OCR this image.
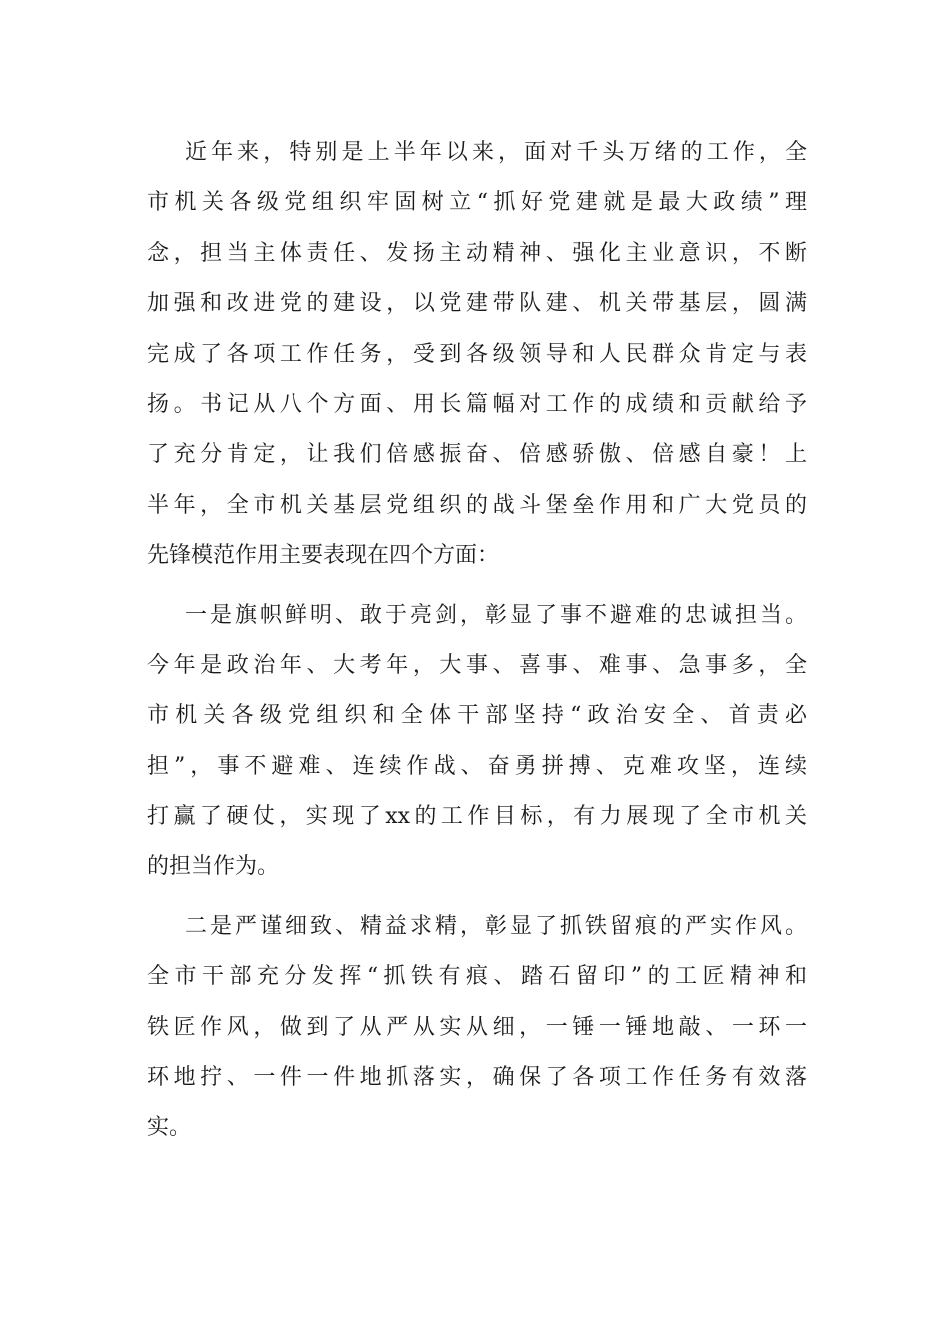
近年来，特别是上半年以来，面对千头万绪的工作，全
市机关各级党组织牢固树立“抓好党建就是最大政绩”理
念，担当主体责任、发扬主动精神、强化主业意识，不断
加强和改进党的建设，以党建带队建、机关带基层，圆满
完成了各项工作任务，受到各级领导和人民群众肯定与表
扬。书记从八个方面、用长篇幅对工作的成绩和贡献给予
了充分肯定，让我们倍感振奋、倍感骄傲、倍感自豪！上
半年，全市机关基层党组织的战斗堡垒作用和广大党员的
先锋模范作用主要表现在四个方面：
一是旗帜鲜明、敢于亮剑，彰显了事不避难的忠诚担当。
今年是政治年、大考年，大事、喜事、难事、急事多，全
市机关各级党组织和全体干部坚持“政治安全、首责必
担”，事不避难、连续作战、奋勇拼搏、克难攻坚，连续
打赢了硬仗，实现了xx的工作目标，有力展现了全市机关
的担当作为。
二是严谨细致、精益求精，彰显了抓铁留痕的严实作风。
全市干部充分发挥“抓铁有痕、踏石留印”的工匠精神和
铁匠作风，做到了从严从实从细，一锤一锤地敲、一环一
环地拧、一件一件地抓落实，确保了各项工作任务有效落
实。
